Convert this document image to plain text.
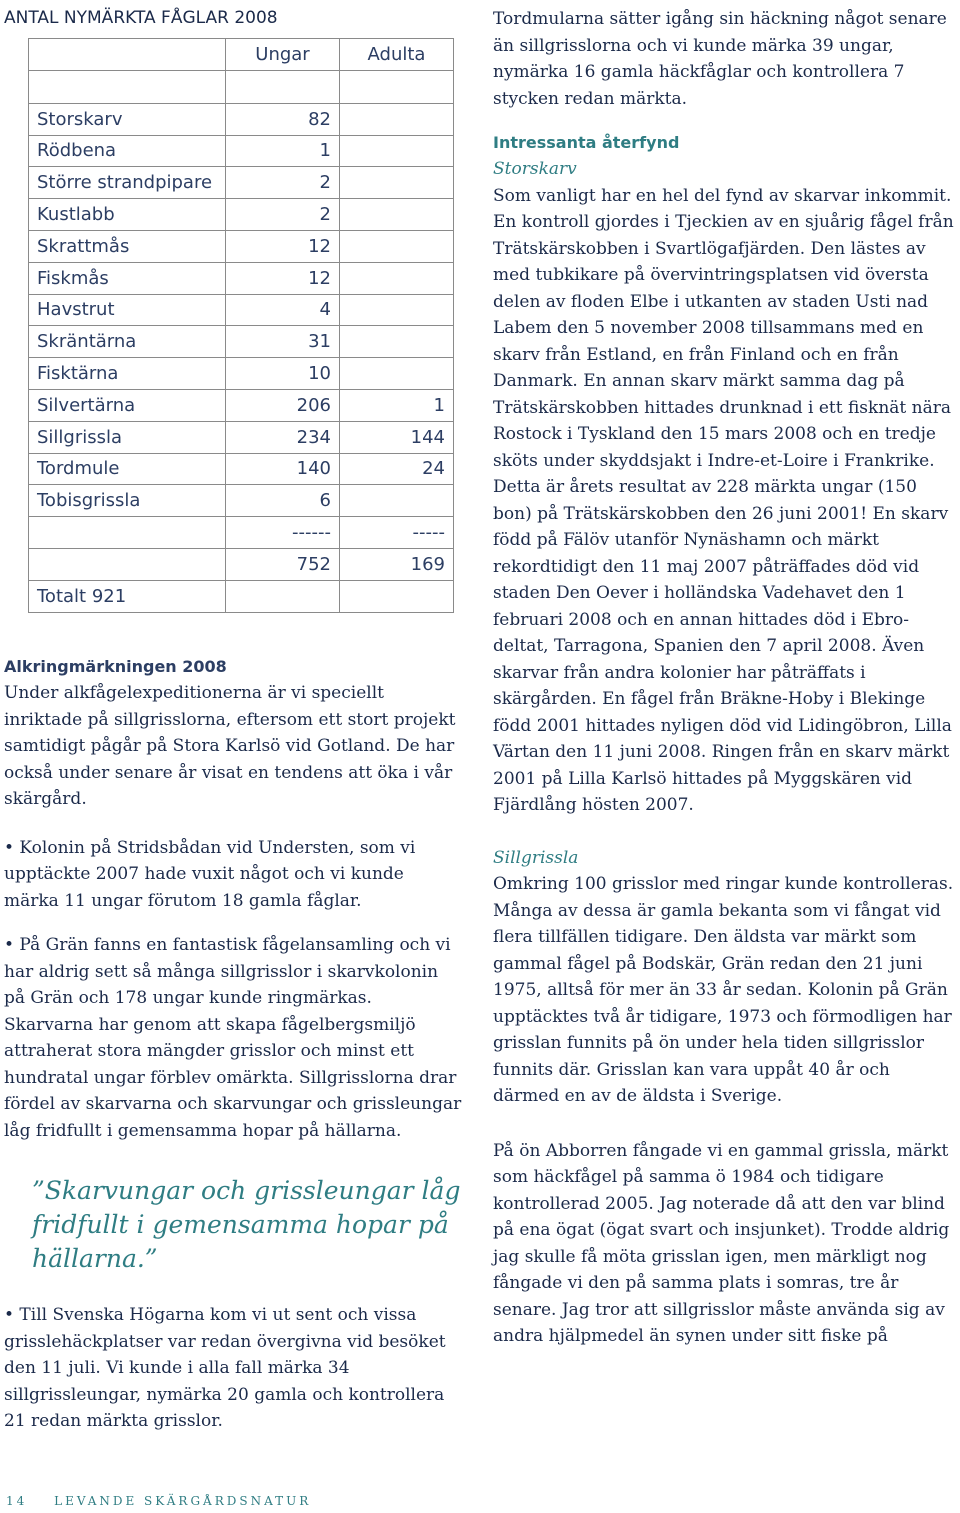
ANTAL NYMÄRKTA FÅGLAR 2008
	Ungar	Adulta

Storskarv	82	
Rödbena	1	
Större strandpipare	2	
Kustlabb	2	
Skrattmås	12	
Fiskmås	12	
Havstrut	4	
Skräntärna	31	
Fisktärna	10	
Silvertärna	206	1
Sillgrissla	234	144
Tordmule	140	24
Tobisgrissla	6	
	------	-----
	752	169
Totalt 921		
Alkringmärkningen 2008

Under alkfågelexpeditionerna är vi speciellt inriktade på sillgrisslorna, eftersom ett stort projekt samtidigt pågår på Stora Karlsö vid Gotland. De har också under senare år visat en tendens att öka i vår skärgård.

• Kolonin på Stridsbådan vid Understen, som vi upptäckte 2007 hade vuxit något och vi kunde märka 11 ungar förutom 18 gamla fåglar.

• På Grän fanns en fantastisk fågelansamling och vi har aldrig sett så många sillgrisslor i skarvkolonin på Grän och 178 ungar kunde ringmärkas. Skarvarna har genom att skapa fågelbergsmiljö attraherat stora mängder grisslor och minst ett hundratal ungar förblev omärkta. Sillgrisslorna drar fördel av skarvarna och skarvungar och grissleungar låg fridfullt i gemensamma hopar på hällarna.

”Skarvungar och grissleungar låg fridfullt i gemensamma hopar på hällarna.”

• Till Svenska Högarna kom vi ut sent och vissa grisslehäckplatser var redan övergivna vid besöket den 11 juli. Vi kunde i alla fall märka 34 sillgrissleungar, nymärka 20 gamla och kontrollera 21 redan märkta grisslor.

Tordmularna sätter igång sin häckning något senare än sillgrisslorna och vi kunde märka 39 ungar, nymärka 16 gamla häckfåglar och kontrollera 7 stycken redan märkta.

Intressanta återfynd

Storskarv

Som vanligt har en hel del fynd av skarvar inkommit. En kontroll gjordes i Tjeckien av en sjuårig fågel från Trätskärskobben i Svartlögafjärden. Den lästes av med tubkikare på övervintringsplatsen vid översta delen av floden Elbe i utkanten av staden Usti nad Labem den 5 november 2008 tillsammans med en skarv från Estland, en från Finland och en från Danmark. En annan skarv märkt samma dag på Trätskärskobben hittades drunknad i ett fisknät nära Rostock i Tyskland den 15 mars 2008 och en tredje sköts under skyddsjakt i Indre-et-Loire i Frankrike. Detta är årets resultat av 228 märkta ungar (150 bon) på Trätskärskobben den 26 juni 2001! En skarv född på Fälöv utanför Nynäshamn och märkt rekordtidigt den 11 maj 2007 påträffades död vid staden Den Oever i holländska Vadehavet den 1 februari 2008 och en annan hittades död i Ebro-deltat, Tarragona, Spanien den 7 april 2008. Även skarvar från andra kolonier har påträffats i skärgården. En fågel från Bräkne-Hoby i Blekinge född 2001 hittades nyligen död vid Lidingöbron, Lilla Värtan den 11 juni 2008. Ringen från en skarv märkt 2001 på Lilla Karlsö hittades på Myggskären vid Fjärdlång hösten 2007.

Sillgrissla

Omkring 100 grisslor med ringar kunde kontrolleras. Många av dessa är gamla bekanta som vi fångat vid flera tillfällen tidigare. Den äldsta var märkt som gammal fågel på Bodskär, Grän redan den 21 juni 1975, alltså för mer än 33 år sedan. Kolonin på Grän upptäcktes två år tidigare, 1973 och förmodligen har grisslan funnits på ön under hela tiden sillgrisslor funnits där. Grisslan kan vara uppåt 40 år och därmed en av de äldsta i Sverige.

På ön Abborren fångade vi en gammal grissla, märkt som häckfågel på samma ö 1984 och tidigare kontrollerad 2005. Jag noterade då att den var blind på ena ögat (ögat svart och insjunket). Trodde aldrig jag skulle få möta grisslan igen, men märkligt nog fångade vi den på samma plats i somras, tre år senare. Jag tror att sillgrisslor måste använda sig av andra hjälpmedel än synen under sitt fiske på

14 LEVANDE SKÄRGÅRDSNATUR
